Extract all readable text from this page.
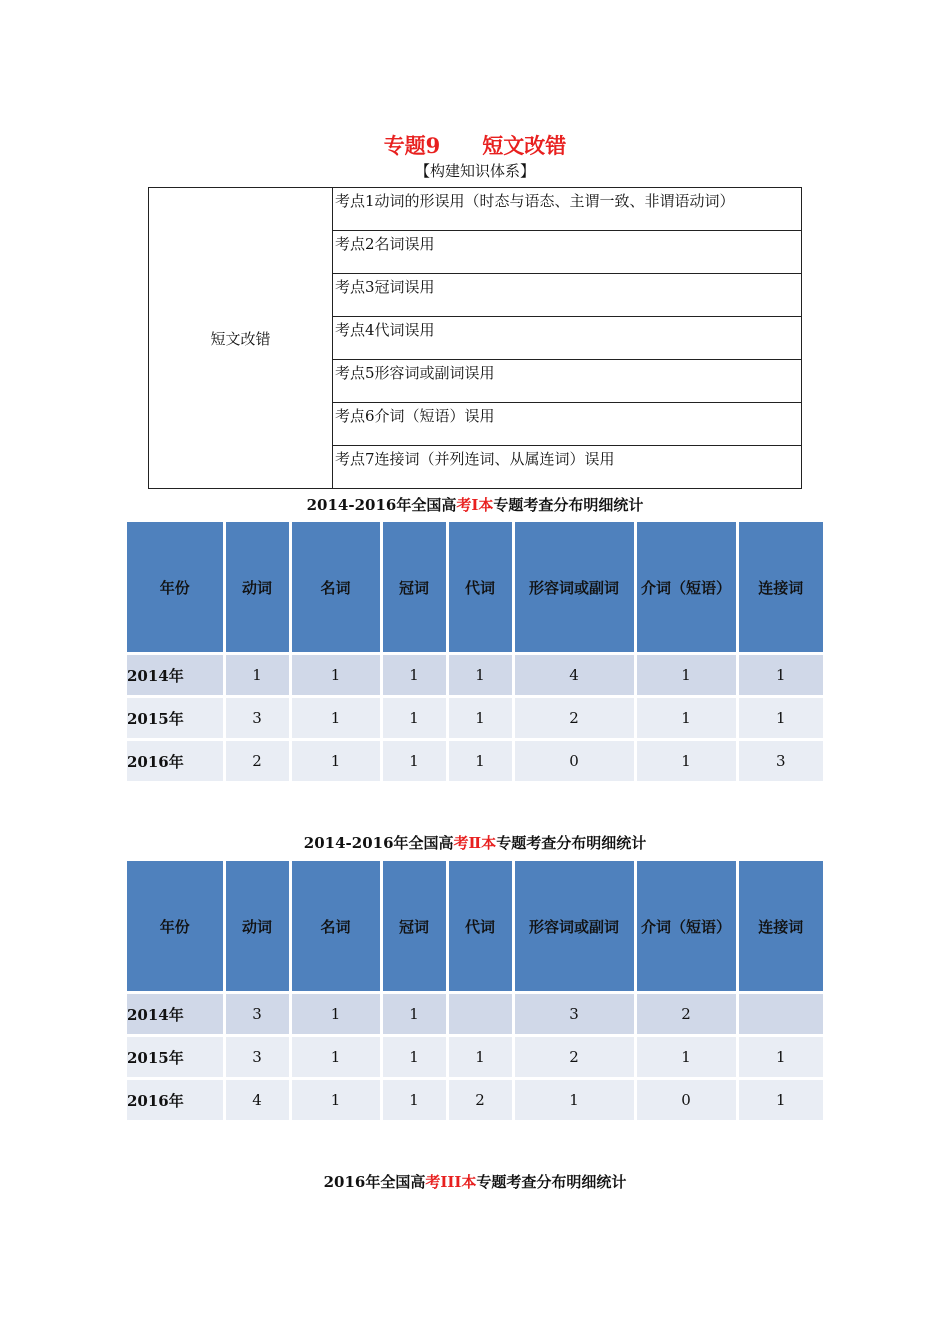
专题9　　短文改错
【构建知识体系】
短文改错	考点1动词的形误用（时态与语态、主谓一致、非谓语动词）
考点2名词误用
考点3冠词误用
考点4代词误用
考点5形容词或副词误用
考点6介词（短语）误用
考点7连接词（并列连词、从属连词）误用
2014-2016年全国高考Ⅰ本专题考查分布明细统计
年份	动词	名词	冠词	代词	形容词或副词	介词（短语）	连接词
2014年	1	1	1	1	4	1	1
2015年	3	1	1	1	2	1	1
2016年	2	1	1	1	0	1	3
2014-2016年全国高考Ⅱ本专题考查分布明细统计
年份	动词	名词	冠词	代词	形容词或副词	介词（短语）	连接词
2014年	3	1	1		3	2	
2015年	3	1	1	1	2	1	1
2016年	4	1	1	2	1	0	1
2016年全国高考III本专题考查分布明细统计
